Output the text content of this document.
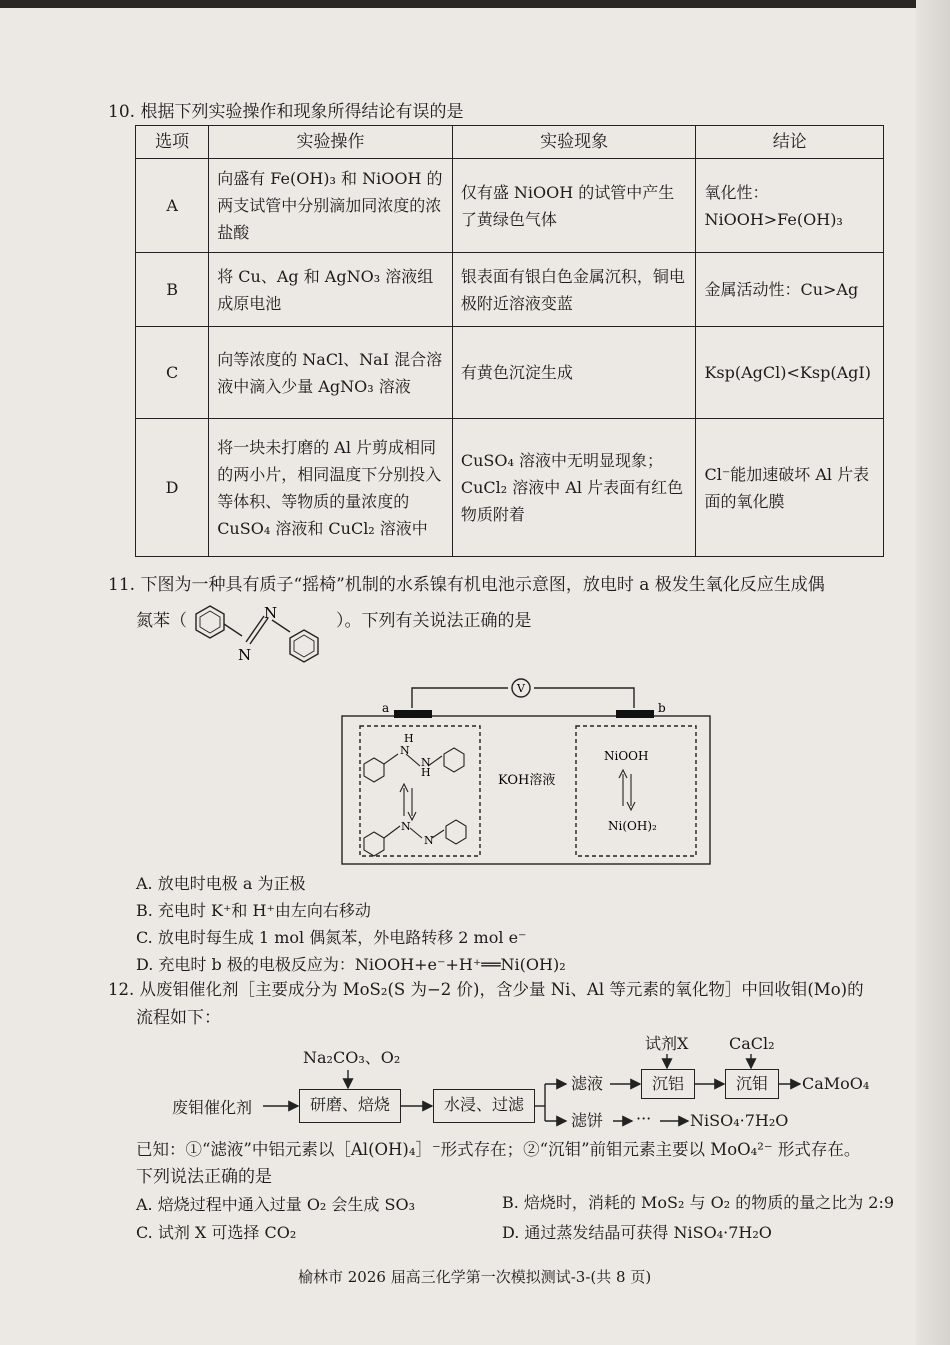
10. 根据下列实验操作和现象所得结论有误的是
选项	实验操作	实验现象	结论
A	向盛有 Fe(OH)₃ 和 NiOOH 的两支试管中分别滴加同浓度的浓盐酸	仅有盛 NiOOH 的试管中产生了黄绿色气体	氧化性：NiOOH>Fe(OH)₃
B	将 Cu、Ag 和 AgNO₃ 溶液组成原电池	银表面有银白色金属沉积，铜电极附近溶液变蓝	金属活动性：Cu>Ag
C	向等浓度的 NaCl、NaI 混合溶液中滴入少量 AgNO₃ 溶液	有黄色沉淀生成	Ksp(AgCl)<Ksp(AgI)
D	将一块未打磨的 Al 片剪成相同的两小片，相同温度下分别投入等体积、等物质的量浓度的 CuSO₄ 溶液和 CuCl₂ 溶液中	CuSO₄ 溶液中无明显现象；CuCl₂ 溶液中 Al 片表面有红色物质附着	Cl⁻能加速破坏 Al 片表面的氧化膜
11. 下图为一种具有质子“摇椅”机制的水系镍有机电池示意图，放电时 a 极发生氧化反应生成偶
氮苯（
N
N	）。下列有关说法正确的是
a	b
V
H
H
N
N
N
N
KOH溶液
NiOOH
Ni(OH)₂
A. 放电时电极 a 为正极
B. 充电时 K⁺和 H⁺由左向右移动
C. 放电时每生成 1 mol 偶氮苯，外电路转移 2 mol e⁻
D. 充电时 b 极的电极反应为：NiOOH+e⁻+H⁺══Ni(OH)₂
12. 从废钼催化剂［主要成分为 MoS₂(S 为−2 价)，含少量 Ni、Al 等元素的氧化物］中回收钼(Mo)的
流程如下：
Na₂CO₃、O₂
废钼催化剂	研磨、焙烧	水浸、过滤
滤液
滤饼 ··· NiSO₄·7H₂O
试剂X	CaCl₂
沉铝	沉钼	CaMoO₄
已知：①“滤液”中铝元素以［Al(OH)₄］⁻形式存在；②“沉钼”前钼元素主要以 MoO₄²⁻ 形式存在。
下列说法正确的是
A. 焙烧过程中通入过量 O₂ 会生成 SO₃	B. 焙烧时，消耗的 MoS₂ 与 O₂ 的物质的量之比为 2:9
C. 试剂 X 可选择 CO₂	D. 通过蒸发结晶可获得 NiSO₄·7H₂O
榆林市 2026 届高三化学第一次模拟测试-3-(共 8 页)
